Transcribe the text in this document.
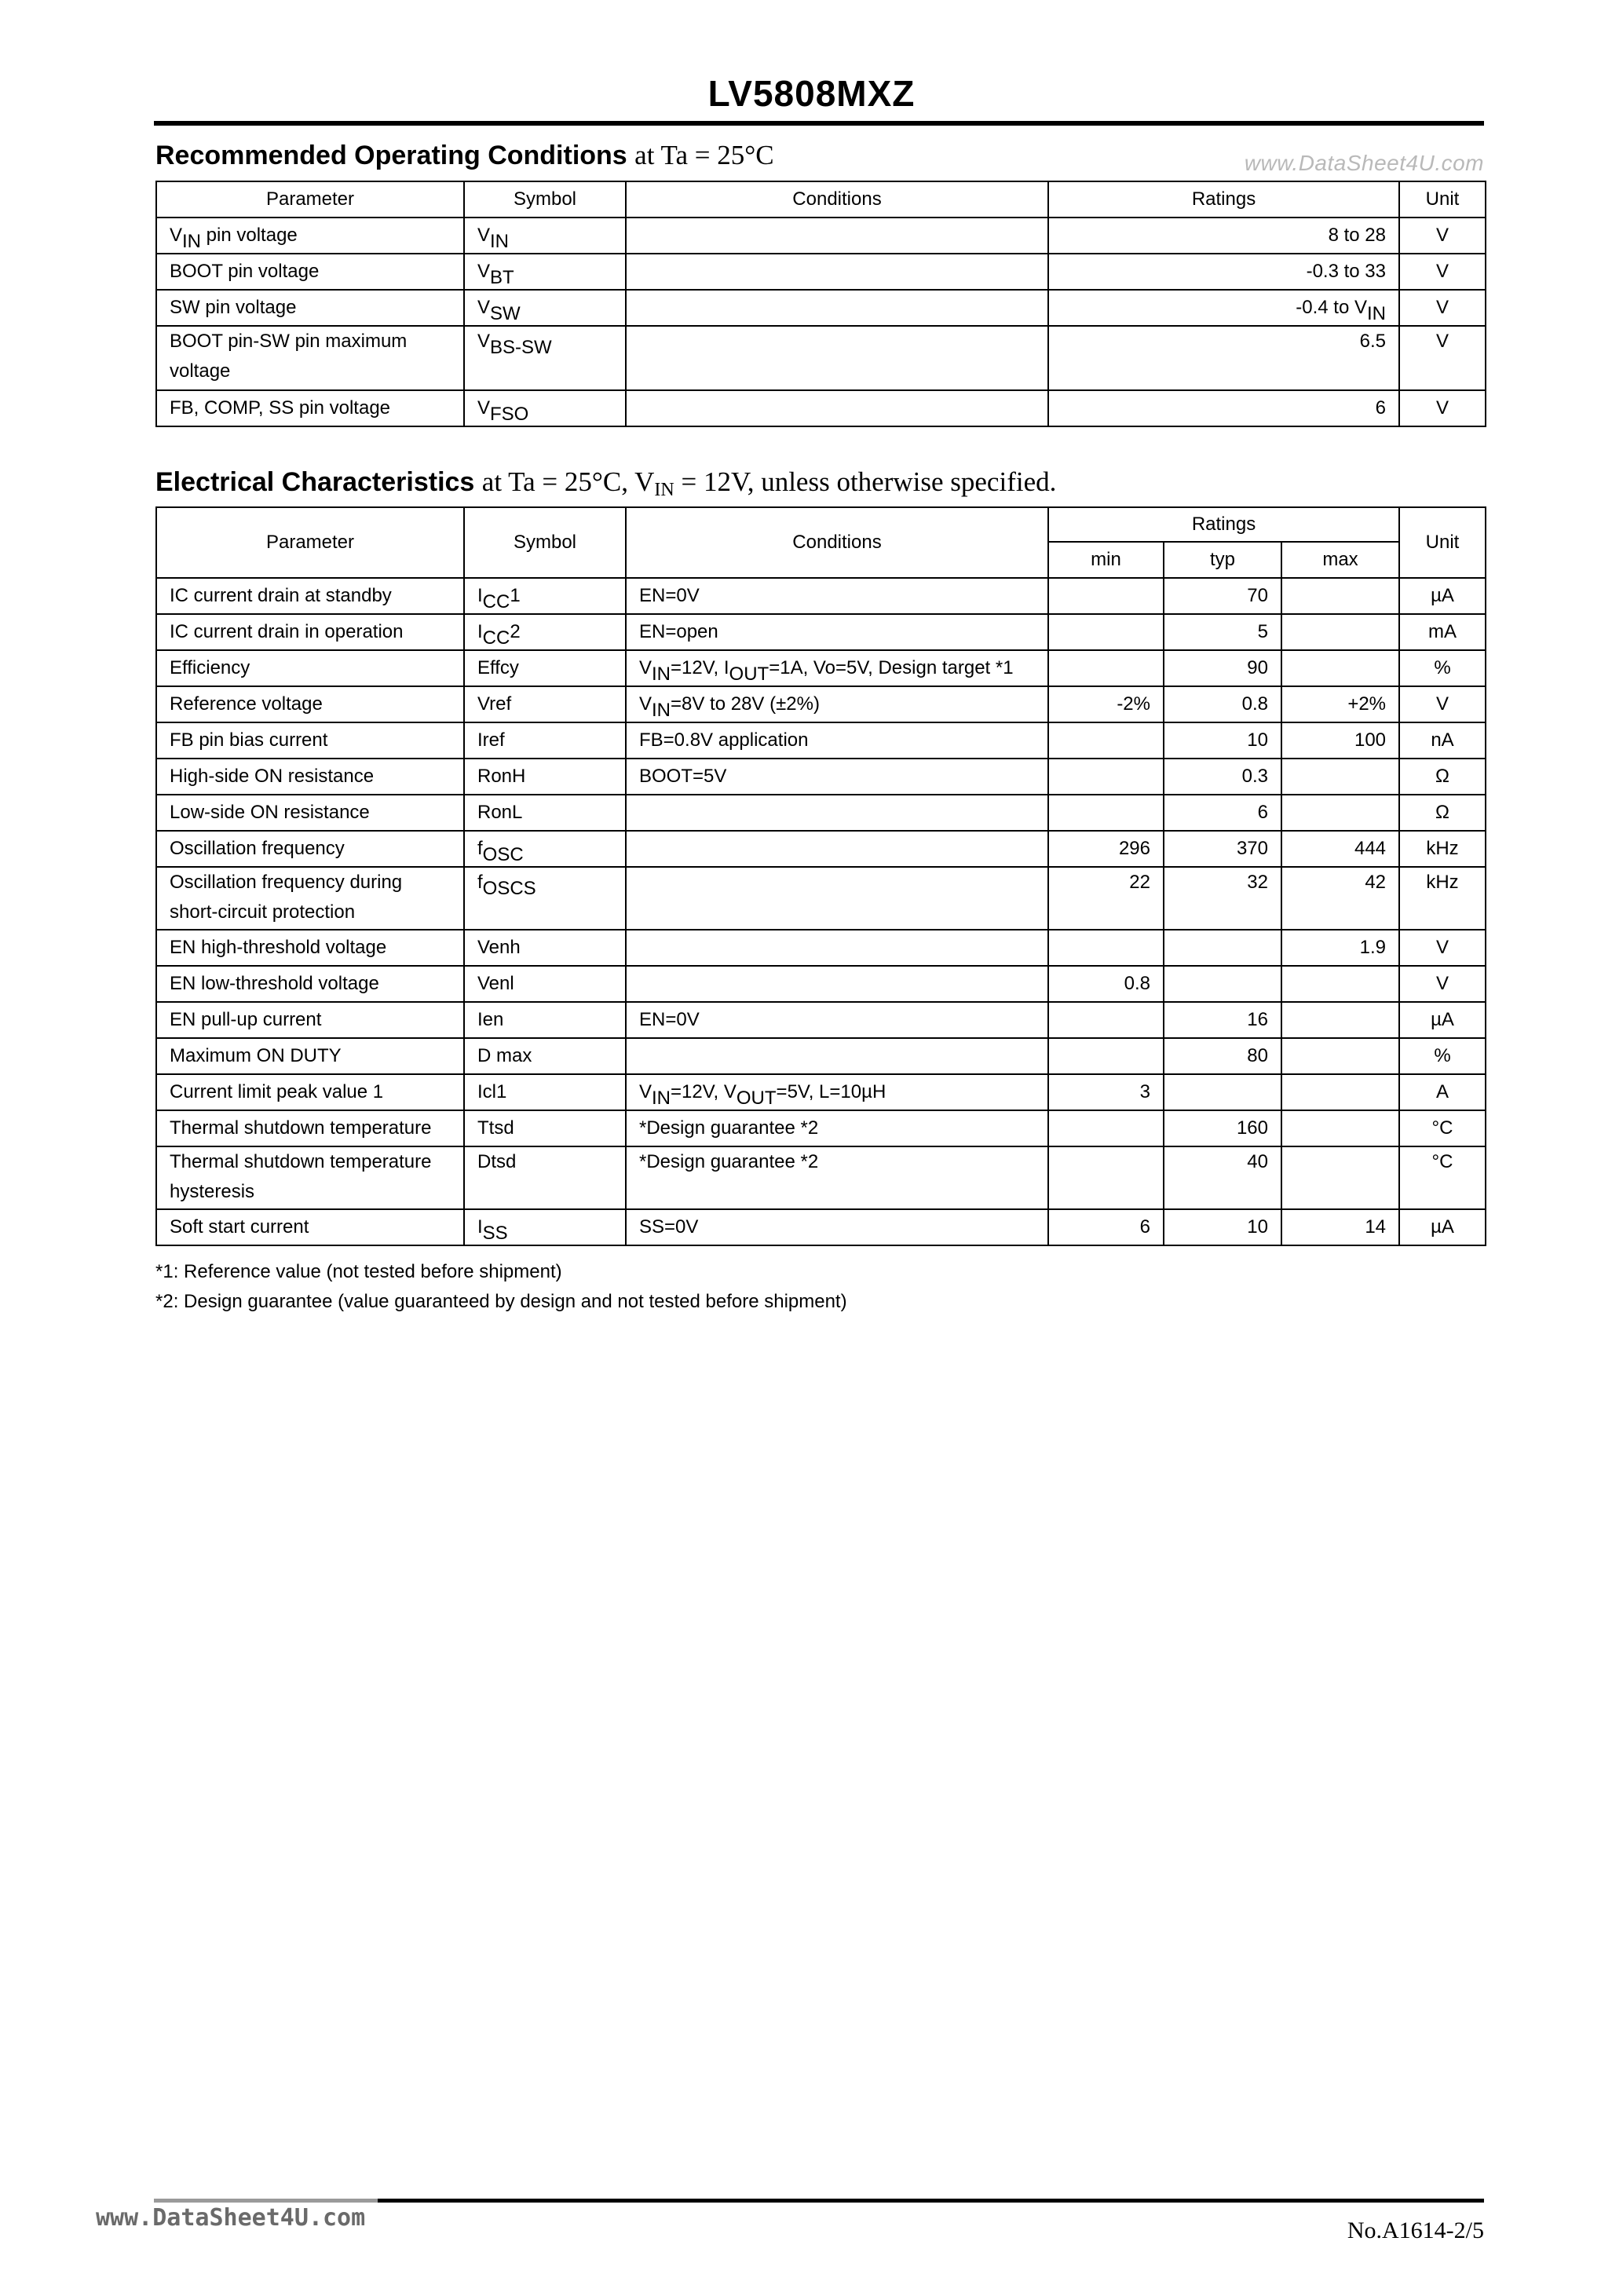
LV5808MXZ
www.DataSheet4U.com
Recommended Operating Conditions at Ta = 25°C
Parameter	Symbol	Conditions	Ratings	Unit
$V_{IN}$ pin voltage	$V_{IN}$		8 to 28	V
BOOT pin voltage	$V_{BT}$		-0.3 to 33	V
SW pin voltage	$V_{SW}$		-0.4 to $V_{IN}$	V
BOOT pin-SW pin maximum voltage	$V_{BS-SW}$		6.5	V
FB, COMP, SS pin voltage	$V_{FSO}$		6	V
Electrical Characteristics at Ta = 25°C, $V_{IN} = 12V$, unless otherwise specified.
Parameter	Symbol	Conditions	Ratings			Unit
			min	typ	max	
IC current drain at standby	$I_{CC}1$	EN=0V		70		µA
IC current drain in operation	$I_{CC}2$	EN=open		5		mA
Efficiency	Effcy	$V_{IN}=12V$, $I_{OUT}=1A$, Vo=5V, Design target *1		90		%
Reference voltage	Vref	$V_{IN}=8V$ to 28V (±2%)	-2%	0.8	+2%	V
FB pin bias current	Iref	FB=0.8V application		10	100	nA
High-side ON resistance	RonH	BOOT=5V		0.3		Ω
Low-side ON resistance	RonL			6		Ω
Oscillation frequency	$f_{OSC}$		296	370	444	kHz
Oscillation frequency during short-circuit protection	$f_{OSCS}$		22	32	42	kHz
EN high-threshold voltage	Venh				1.9	V
EN low-threshold voltage	Venl		0.8			V
EN pull-up current	Ien	EN=0V		16		µA
Maximum ON DUTY	D max			80		%
Current limit peak value 1	Icl1	$V_{IN}=12V$, $V_{OUT}=5V$, L=10µH	3			A
Thermal shutdown temperature	Ttsd	*Design guarantee *2		160		°C
Thermal shutdown temperature hysteresis	Dtsd	*Design guarantee *2		40		°C
Soft start current	$I_{SS}$	SS=0V	6	10	14	µA
*1: Reference value (not tested before shipment)
*2: Design guarantee (value guaranteed by design and not tested before shipment)
www.DataSheet4U.com	No.A1614-2/5
